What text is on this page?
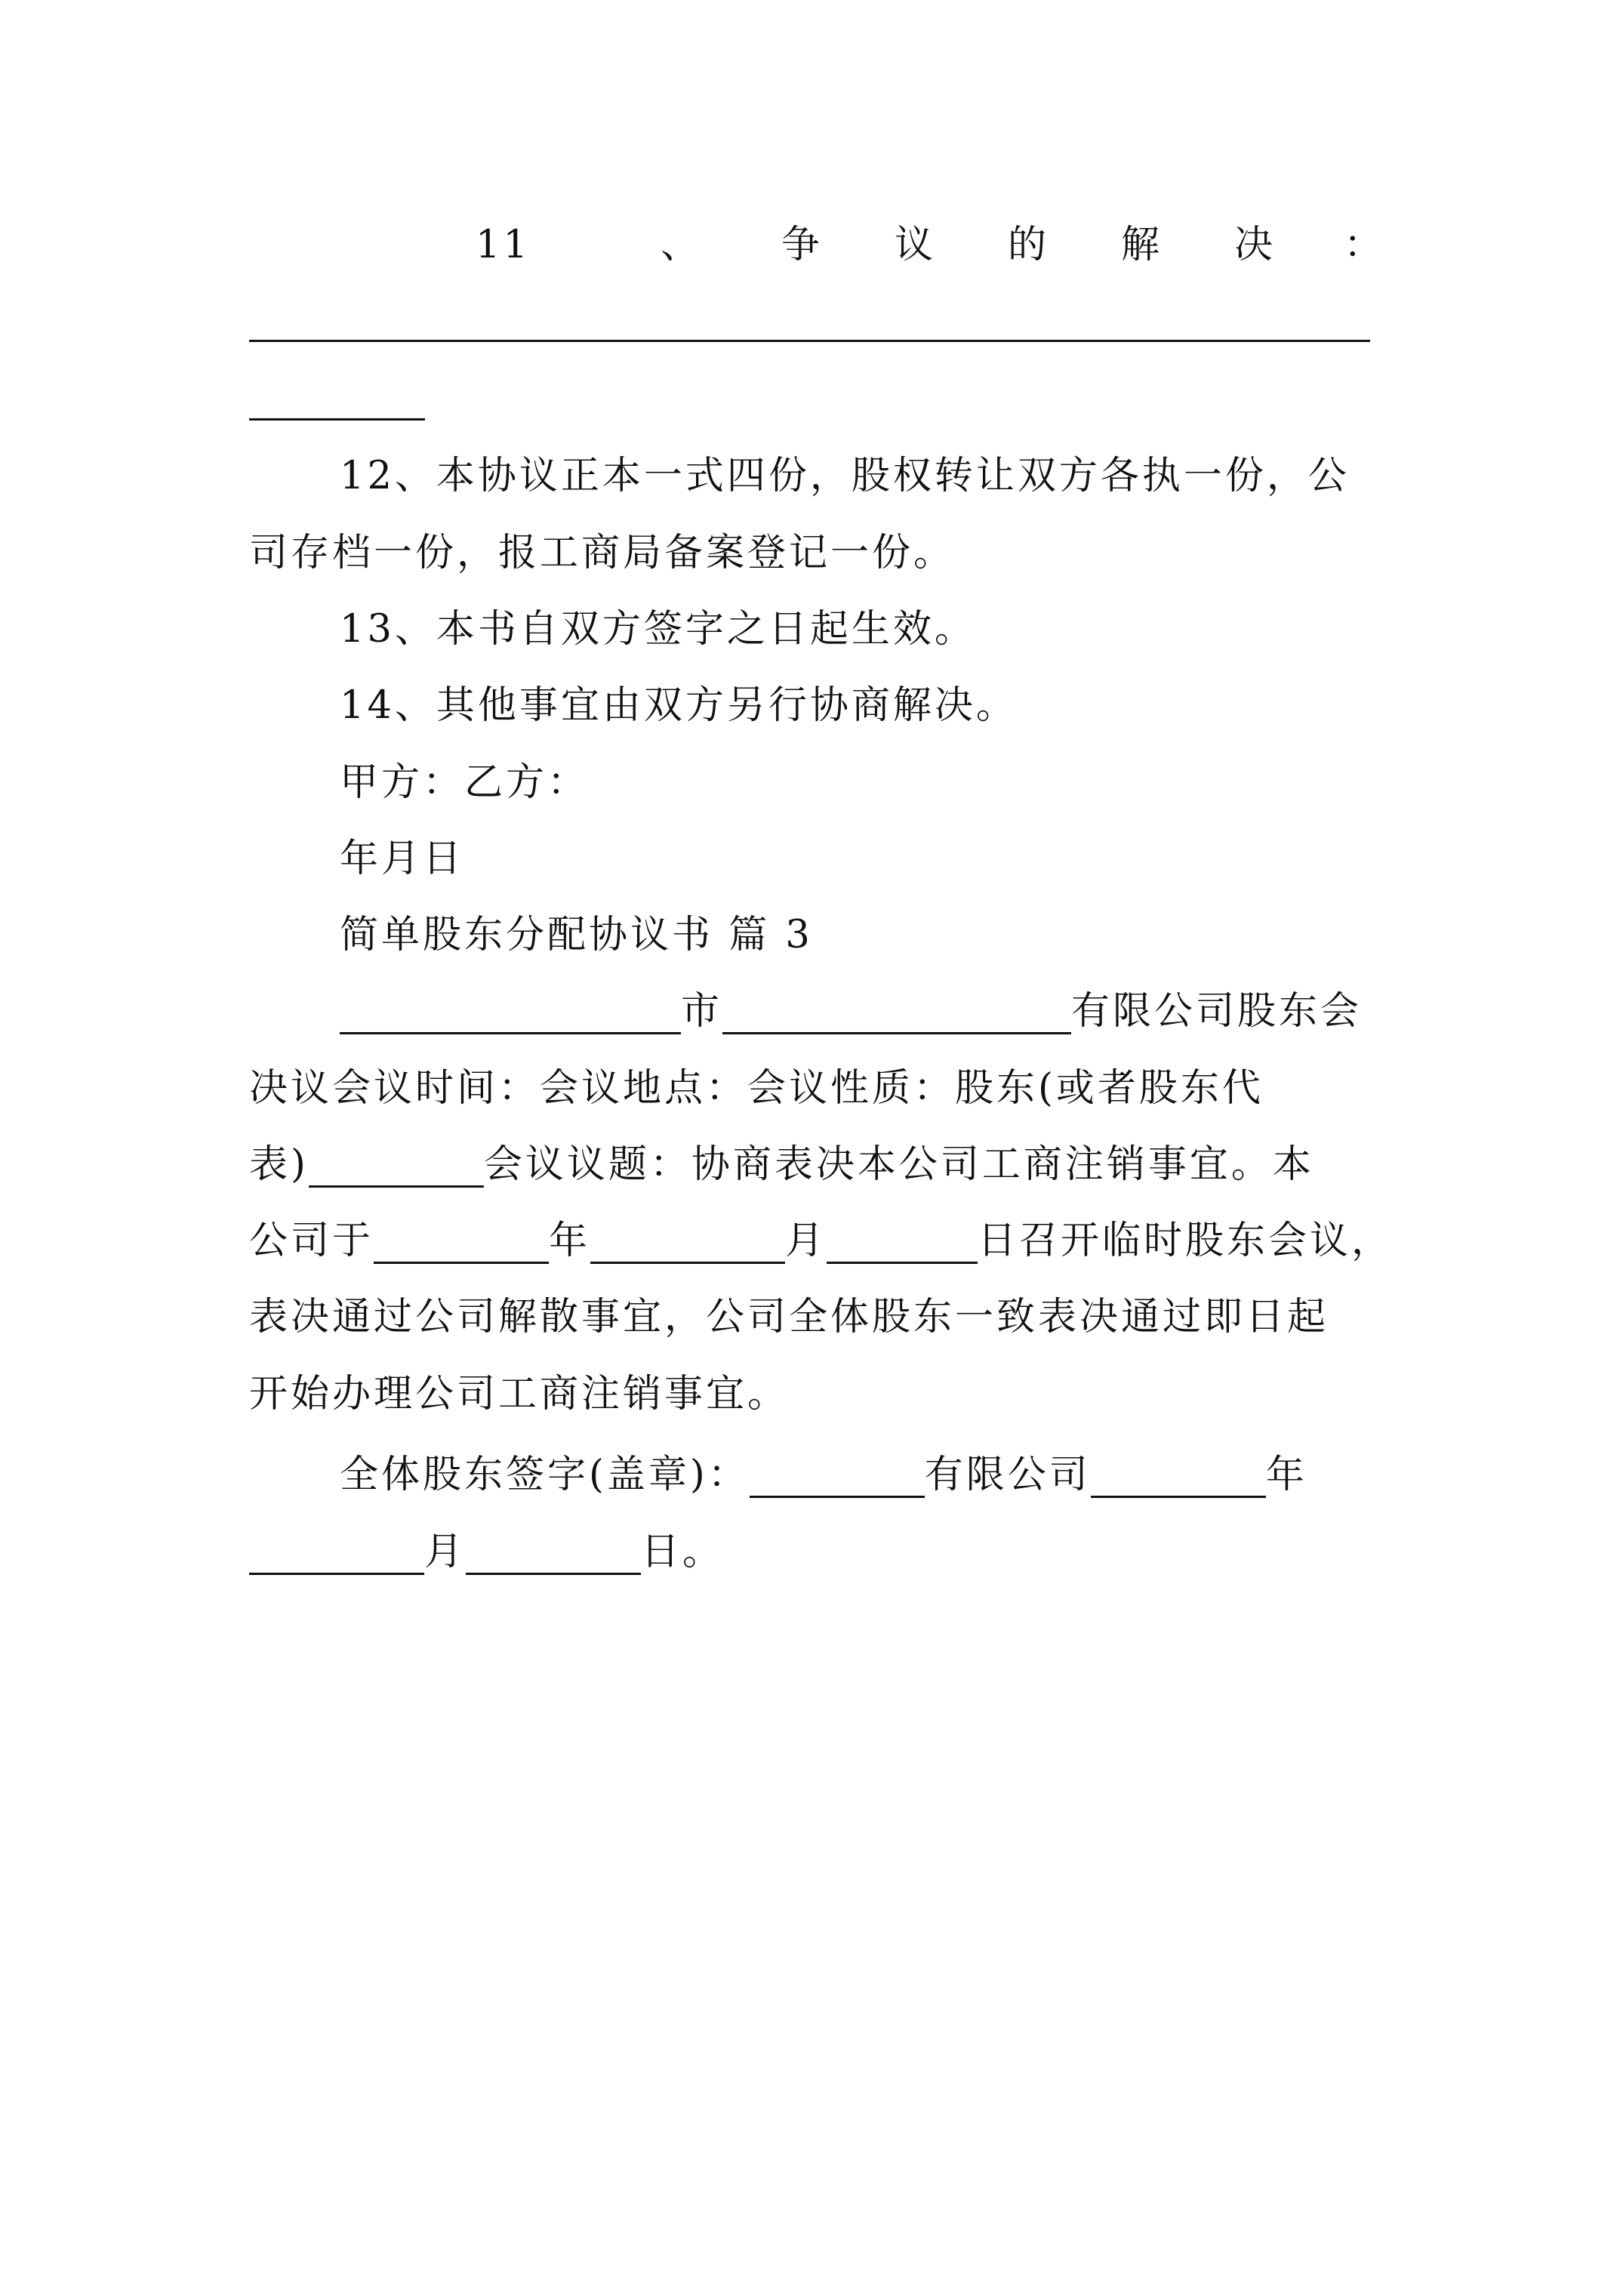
11	、 争 议 的 解 决 ：
12、本协议正本一式四份，股权转让双方各执一份，公
司存档一份，报工商局备案登记一份。
13、本书自双方签字之日起生效。
14、其他事宜由双方另行协商解决。
甲方：乙方：
年月日
简单股东分配协议书 篇 3
市	有限公司股东会
决议会议时间：会议地点：会议性质：股东(或者股东代
表)	会议议题：协商表决本公司工商注销事宜。本
公司于	年	月	日召开临时股东会议，
表决通过公司解散事宜，公司全体股东一致表决通过即日起
开始办理公司工商注销事宜。
全体股东签字(盖章)：	有限公司	年
月	日。
